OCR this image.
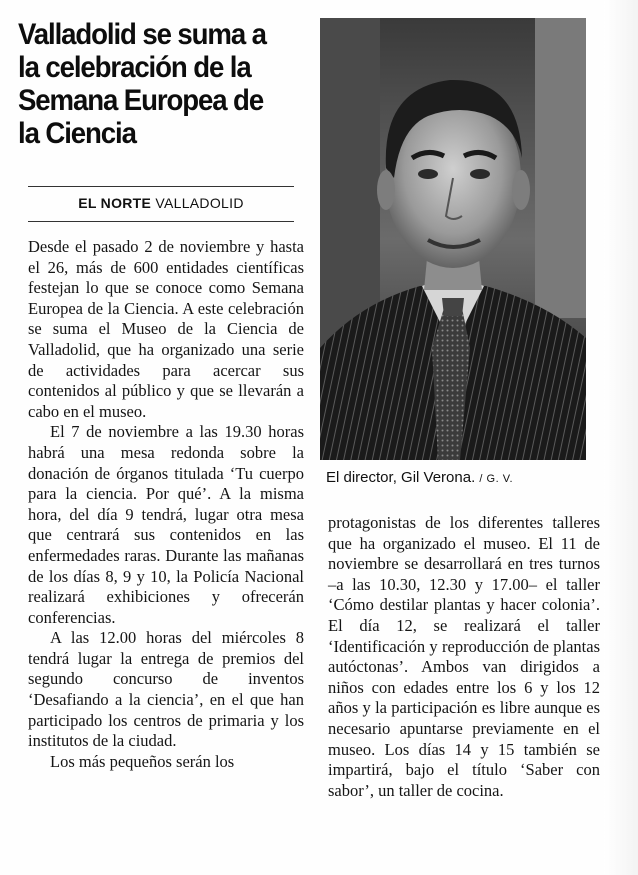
Valladolid se suma a la celebración de la Semana Europea de la Ciencia
EL NORTE VALLADOLID

Desde el pasado 2 de noviembre y hasta el 26, más de 600 entidades científicas festejan lo que se conoce como Semana Europea de la Ciencia. A este celebración se suma el Museo de la Ciencia de Valladolid, que ha organizado una serie de actividades para acercar sus contenidos al público y que se llevarán a cabo en el museo.

El 7 de noviembre a las 19.30 horas habrá una mesa redonda sobre la donación de órganos titulada ‘Tu cuerpo para la ciencia. Por qué’. A la misma hora, del día 9 tendrá, lugar otra mesa que centrará sus contenidos en las enfermedades raras. Durante las mañanas de los días 8, 9 y 10, la Policía Nacional realizará exhibiciones y ofrecerán conferencias.

A las 12.00 horas del miércoles 8 tendrá lugar la entrega de premios del segundo concurso de inventos ‘Desafiando a la ciencia’, en el que han participado los centros de primaria y los institutos de la ciudad.

Los más pequeños serán los

El director, Gil Verona. / G. V.

protagonistas de los diferentes talleres que ha organizado el museo. El 11 de noviembre se desarrollará en tres turnos –a las 10.30, 12.30 y 17.00– el taller ‘Cómo destilar plantas y hacer colonia’. El día 12, se realizará el taller ‘Identificación y reproducción de plantas autóctonas’. Ambos van dirigidos a niños con edades entre los 6 y los 12 años y la participación es libre aunque es necesario apuntarse previamente en el museo. Los días 14 y 15 también se impartirá, bajo el título ‘Saber con sabor’, un taller de cocina.
